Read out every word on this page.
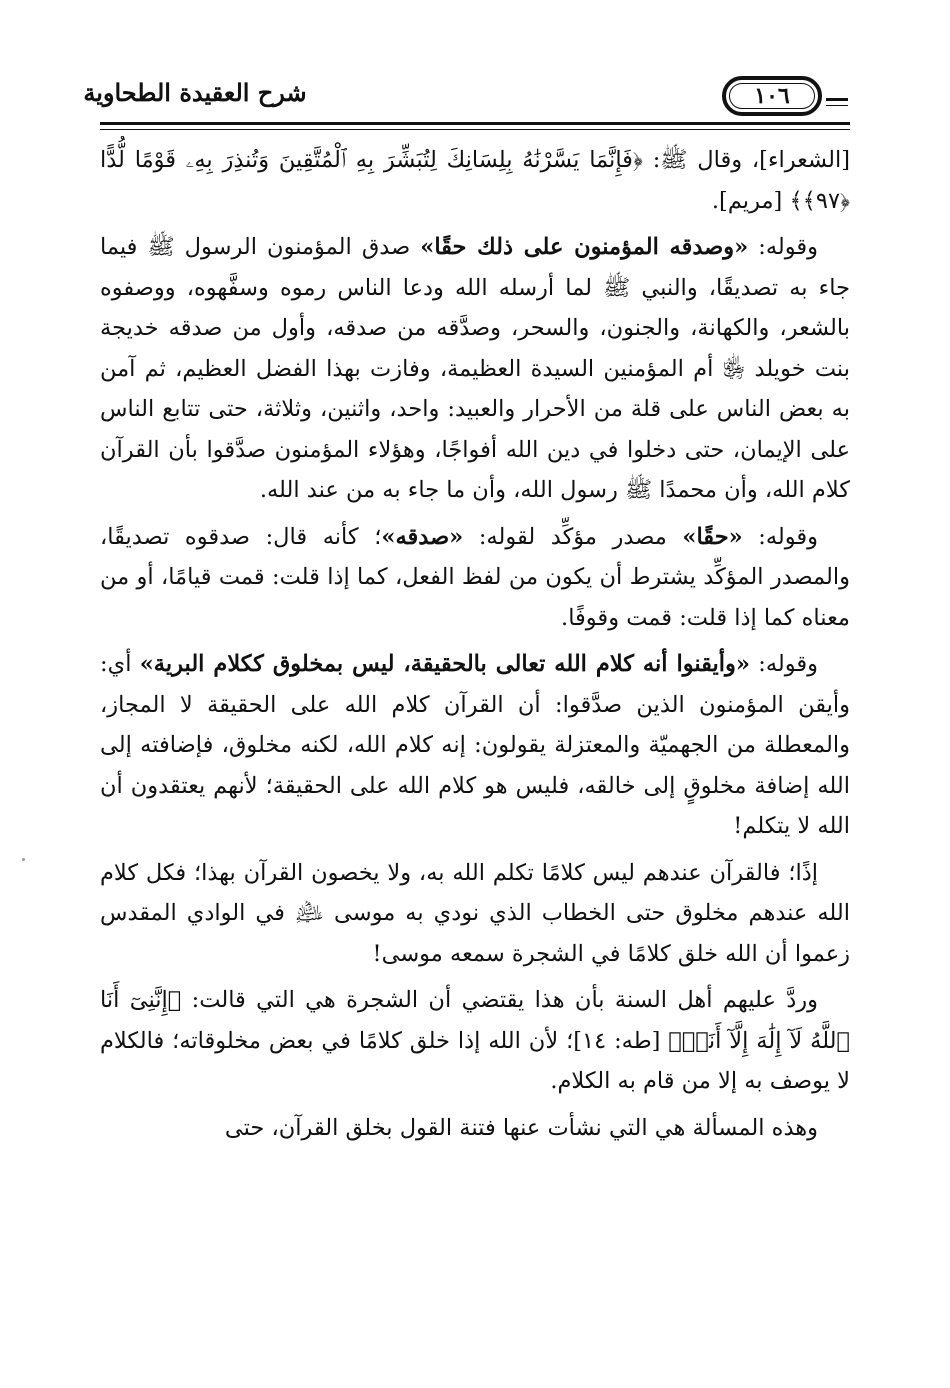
شرح العقيدة الطحاوية	١٠٦

[الشعراء]، وقال ﷺ: ﴿فَإِنَّمَا يَسَّرْنَٰهُ بِلِسَانِكَ لِتُبَشِّرَ بِهِ ٱلْمُتَّقِينَ وَتُنذِرَ بِهِۦ قَوْمًا لُّدًّا ﴿٩٧﴾﴾ [مريم].

وقوله: «وصدقه المؤمنون على ذلك حقًا» صدق المؤمنون الرسول ﷺ فيما جاء به تصديقًا، والنبي ﷺ لما أرسله الله ودعا الناس رموه وسفَّهوه، ووصفوه بالشعر، والكهانة، والجنون، والسحر، وصدَّقه من صدقه، وأول من صدقه خديجة بنت خويلد ﵂ أم المؤمنين السيدة العظيمة، وفازت بهذا الفضل العظيم، ثم آمن به بعض الناس على قلة من الأحرار والعبيد: واحد، واثنين، وثلاثة، حتى تتابع الناس على الإيمان، حتى دخلوا في دين الله أفواجًا، وهؤلاء المؤمنون صدَّقوا بأن القرآن كلام الله، وأن محمدًا ﷺ رسول الله، وأن ما جاء به من عند الله.

وقوله: «حقًا» مصدر مؤكِّد لقوله: «صدقه»؛ كأنه قال: صدقوه تصديقًا، والمصدر المؤكِّد يشترط أن يكون من لفظ الفعل، كما إذا قلت: قمت قيامًا، أو من معناه كما إذا قلت: قمت وقوفًا.

وقوله: «وأيقنوا أنه كلام الله تعالى بالحقيقة، ليس بمخلوق ككلام البرية» أي: وأيقن المؤمنون الذين صدَّقوا: أن القرآن كلام الله على الحقيقة لا المجاز، والمعطلة من الجهميّة والمعتزلة يقولون: إنه كلام الله، لكنه مخلوق، فإضافته إلى الله إضافة مخلوقٍ إلى خالقه، فليس هو كلام الله على الحقيقة؛ لأنهم يعتقدون أن الله لا يتكلم!

إذًا؛ فالقرآن عندهم ليس كلامًا تكلم الله به، ولا يخصون القرآن بهذا؛ فكل كلام الله عندهم مخلوق حتى الخطاب الذي نودي به موسى ﵇ في الوادي المقدس زعموا أن الله خلق كلامًا في الشجرة سمعه موسى!

وردَّ عليهم أهل السنة بأن هذا يقتضي أن الشجرة هي التي قالت: ﴿إِنَّنِىٓ أَنَا ٱللَّهُ لَآ إِلَٰهَ إِلَّآ أَنَا۠﴾ [طه: ١٤]؛ لأن الله إذا خلق كلامًا في بعض مخلوقاته؛ فالكلام لا يوصف به إلا من قام به الكلام.

وهذه المسألة هي التي نشأت عنها فتنة القول بخلق القرآن، حتى
